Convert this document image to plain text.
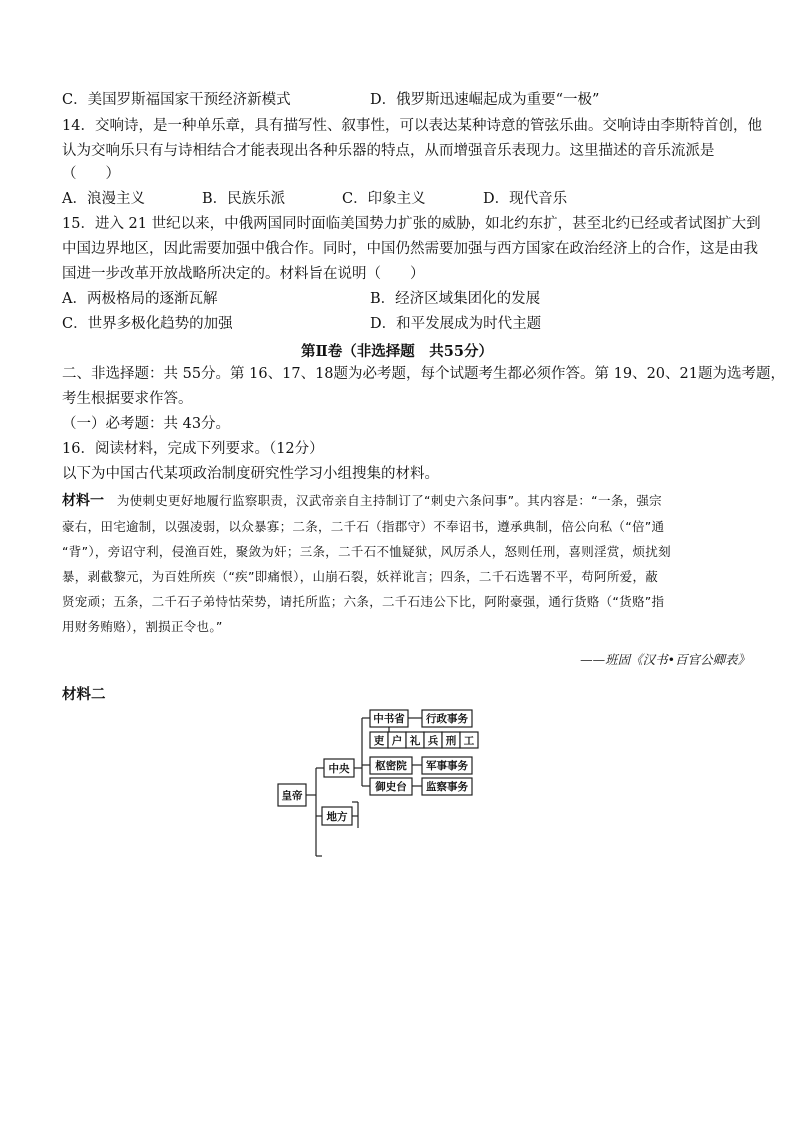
C．美国罗斯福国家干预经济新模式	D．俄罗斯迅速崛起成为重要“一极”
14．交响诗，是一种单乐章，具有描写性、叙事性，可以表达某种诗意的管弦乐曲。交响诗由李斯特首创，他
认为交响乐只有与诗相结合才能表现出各种乐器的特点，从而增强音乐表现力。这里描述的音乐流派是
（　　）
A．浪漫主义	B．民族乐派	C．印象主义	D．现代音乐
15．进入 21 世纪以来，中俄两国同时面临美国势力扩张的威胁，如北约东扩，甚至北约已经或者试图扩大到
中国边界地区，因此需要加强中俄合作。同时，中国仍然需要加强与西方国家在政治经济上的合作，这是由我
国进一步改革开放战略所决定的。材料旨在说明（　　）
A．两极格局的逐渐瓦解	B．经济区域集团化的发展
C．世界多极化趋势的加强	D．和平发展成为时代主题
第Ⅱ卷（非选择题　共55分）
二、非选择题：共 55分。第 16、17、18题为必考题，每个试题考生都必须作答。第 19、20、21题为选考题，
考生根据要求作答。
（一）必考题：共 43分。
16．阅读材料，完成下列要求。（12分）
以下为中国古代某项政治制度研究性学习小组搜集的材料。
材料一 为使刺史更好地履行监察职责，汉武帝亲自主持制订了“刺史六条问事”。其内容是：“一条，强宗
豪右，田宅逾制，以强凌弱，以众暴寡；二条，二千石（指郡守）不奉诏书，遵承典制，倍公向私（“倍”通
“背”），旁诏守利，侵渔百姓，聚敛为奸；三条，二千石不恤疑狱，风厉杀人，怒则任刑，喜则淫赏，烦扰刻
暴，剥截黎元，为百姓所疾（“疾”即痛恨），山崩石裂，妖祥讹言；四条，二千石选署不平，苟阿所爱，蔽
贤宠顽；五条，二千石子弟恃怙荣势，请托所监；六条，二千石违公下比，阿附豪强，通行货赂（“货赂”指
用财务贿赂），割损正令也。”
——班固《汉书•百官公卿表》
材料二
皇帝
中央
中书省 行政事务
吏 户 礼 兵 刑 工
枢密院 军事事务
御史台 监察事务
地方
